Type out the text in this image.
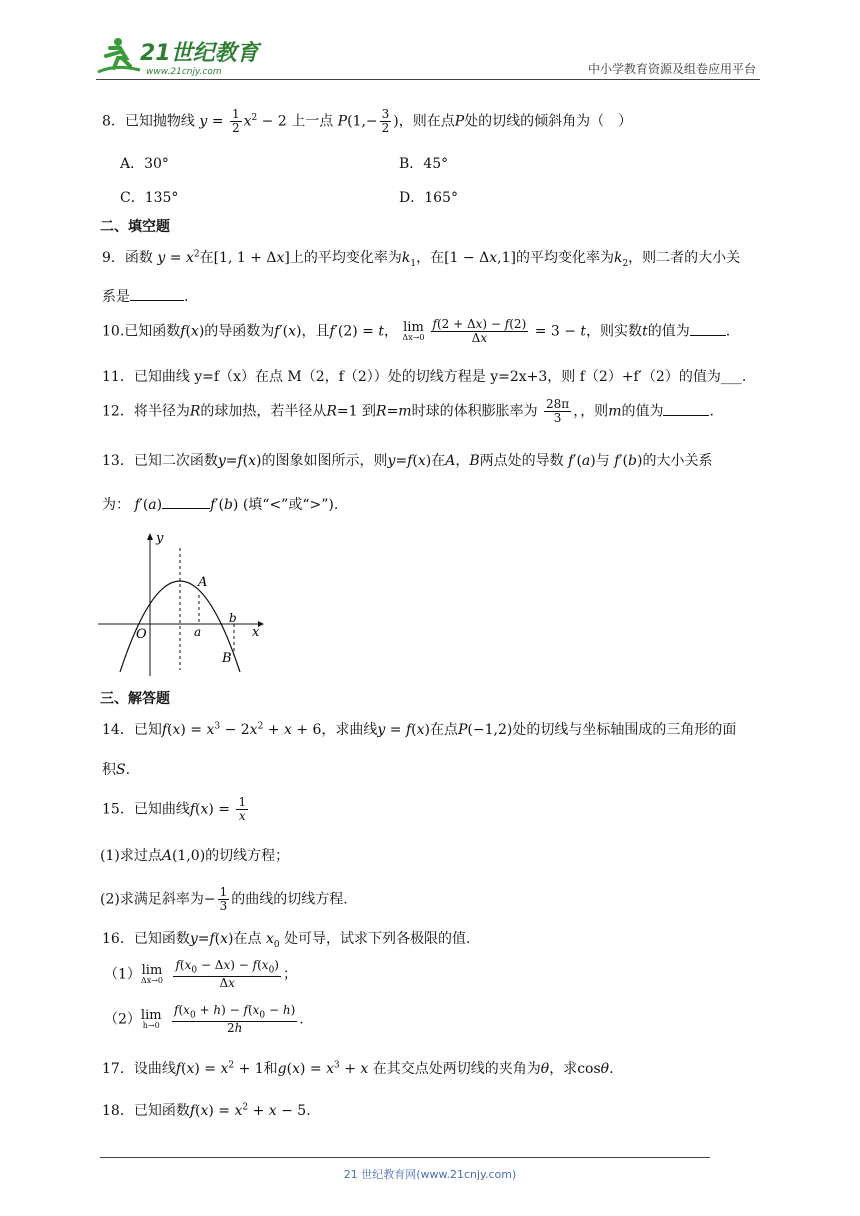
21世纪教育
www.21cnjy.com	中小学教育资源及组卷应用平台
8．已知抛物线 $y = \frac{1}{2} x^2 - 2$ 上一点 $P(1,- \frac{3}{2}$ )，则在点P处的切线的倾斜角为（　）
A．30°	B．45°
C．135°	D．165°
二、填空题
9．函数 $y = x^2$在[1, 1 + Δx]上的平均变化率为$k_1$，在[1 − Δx,1]的平均变化率为$k_2$，则二者的大小关
系是	.
10.已知函数f(x)的导函数为f′(x)，且f′(2) = t， lim
$\Delta x\to 0 \frac{f(2 + \Delta x) - f(2)}{\Delta x} = 3 - t$，则实数t的值为	.
11．已知曲线 y=f（x）在点 M（2，f（2））处的切线方程是 y=2x+3，则 f（2）+f′（2）的值为___.
12．将半径为R的球加热，若半径从R=1 到R=m时球的体积膨胀率为 $\frac{28\pi}{3}$ ，，则m的值为	.
13．已知二次函数y=f(x)的图象如图所示，则y=f(x)在A，B两点处的导数 f′(a)与 f′(b)的大小关系
为： f′(a)	f′(b) (填“<”或“>”).
y
x
O
A
a
b
B
三、解答题
14．已知$f(x) = x^3 - 2x^2 + x + 6$，求曲线y = f(x)在点P(−1,2)处的切线与坐标轴围成的三角形的面
积S.
15．已知曲线$f(x) = \frac{1}{x}$
(1)求过点A(1,0)的切线方程；
(2)求满足斜率为− $\frac{1}{3}$ 的曲线的切线方程.
16．已知函数y=f(x)在点 $x_0$ 处可导，试求下列各极限的值.
（1） lim
Δx→0
$\frac{f(x_0 - \Delta x) - f(x_0)}{\Delta x}$ ；
（2） lim
h→0
$\frac{f(x_0 + h) - f(x_0 - h)}{2h}$ .
17．设曲线$f(x) = x^2 + 1$和$g(x) = x^3 + x$ 在其交点处两切线的夹角为θ，求cosθ.
18．已知函数$f(x) = x^2 + x - 5$.
21 世纪教育网(www.21cnjy.com)
